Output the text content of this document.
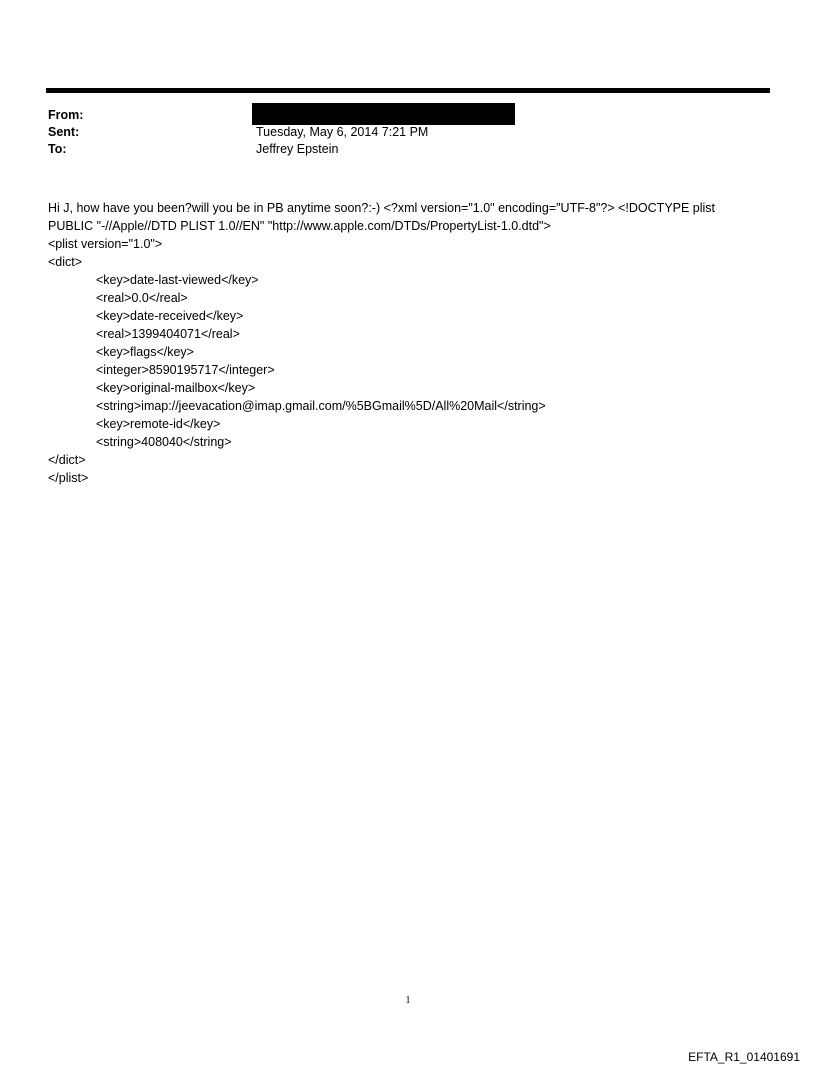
From:
Sent:	Tuesday, May 6, 2014 7:21 PM
To:	Jeffrey Epstein

Hi J, how have you been?will you be in PB anytime soon?:-) <?xml version="1.0" encoding="UTF-8"?> <!DOCTYPE plist

PUBLIC "-//Apple//DTD PLIST 1.0//EN" "http://www.apple.com/DTDs/PropertyList-1.0.dtd">

<plist version="1.0">

<dict>

<key>date-last-viewed</key>

<real>0.0</real>

<key>date-received</key>

<real>1399404071</real>

<key>flags</key>

<integer>8590195717</integer>

<key>original-mailbox</key>

<string>imap://jeevacation@imap.gmail.com/%5BGmail%5D/All%20Mail</string>

<key>remote-id</key>

<string>408040</string>

</dict>

</plist>

1
EFTA_R1_01401691
